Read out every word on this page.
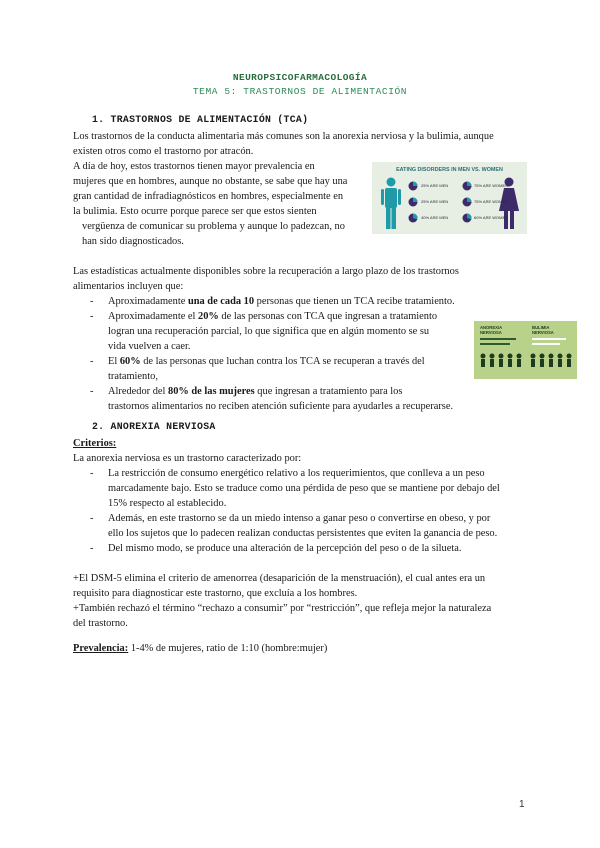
NEUROPSICOFARMACOLOGÍA
TEMA 5: TRASTORNOS DE ALIMENTACIÓN
1. TRASTORNOS DE ALIMENTACIÓN (TCA)
Los trastornos de la conducta alimentaria más comunes son la anorexia nerviosa y la bulimia, aunque
existen otros como el trastorno por atracón.
A día de hoy, estos trastornos tienen mayor prevalencia en
mujeres que en hombres, aunque no obstante, se sabe que hay una
gran cantidad de infradiagnósticos en hombres, especialmente en
la bulimia. Esto ocurre porque parece ser que estos sienten
vergüenza de comunicar su problema y aunque lo padezcan, no
han sido diagnosticados.
EATING DISORDERS IN MEN VS. WOMEN
25% ARE MEN	75% ARE WOMEN
25% ARE MEN	75% ARE WOMEN
40% ARE MEN	60% ARE WOMEN
Las estadísticas actualmente disponibles sobre la recuperación a largo plazo de los trastornos
alimentarios incluyen que:
- Aproximadamente una de cada 10 personas que tienen un TCA recibe tratamiento.
- Aproximadamente el 20% de las personas con TCA que ingresan a tratamiento
logran una recuperación parcial, lo que significa que en algún momento se su
vida vuelven a caer.
- El 60% de las personas que luchan contra los TCA se recuperan a través del
tratamiento,
- Alrededor del 80% de las mujeres que ingresan a tratamiento para los
trastornos alimentarios no reciben atención suficiente para ayudarles a recuperarse.
ANOREXIA NERVIOSA
BULIMIA NERVIOSA
2. ANOREXIA NERVIOSA
Criterios:
La anorexia nerviosa es un trastorno caracterizado por:
- La restricción de consumo energético relativo a los requerimientos, que conlleva a un peso
marcadamente bajo. Esto se traduce como una pérdida de peso que se mantiene por debajo del
15% respecto al establecido.
- Además, en este trastorno se da un miedo intenso a ganar peso o convertirse en obeso, y por
ello los sujetos que lo padecen realizan conductas persistentes que eviten la ganancia de peso.
- Del mismo modo, se produce una alteración de la percepción del peso o de la silueta.
+El DSM-5 elimina el criterio de amenorrea (desaparición de la menstruación), el cual antes era un
requisito para diagnosticar este trastorno, que excluía a los hombres.
+También rechazó el término “rechazo a consumir” por “restricción”, que refleja mejor la naturaleza
del trastorno.
Prevalencia: 1-4% de mujeres, ratio de 1:10 (hombre:mujer)
1
